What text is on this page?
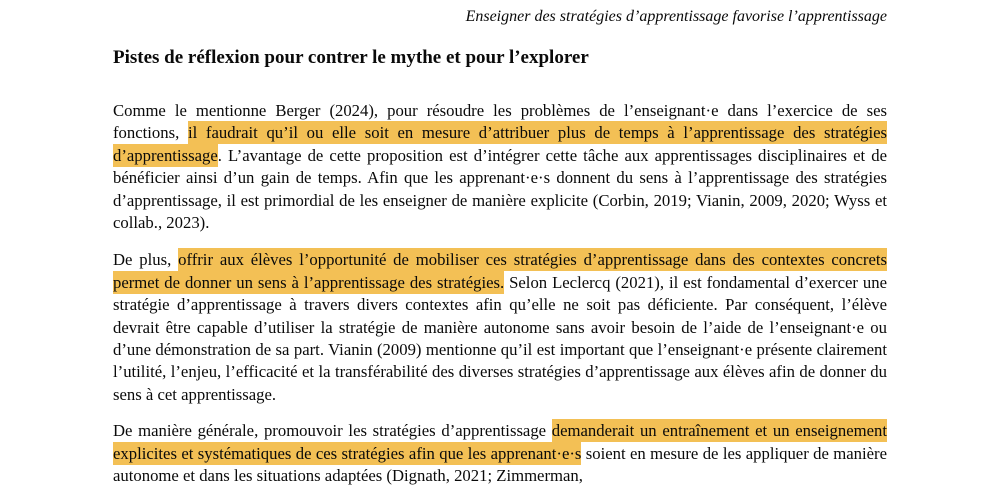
Enseigner des stratégies d’apprentissage favorise l’apprentissage
Pistes de réflexion pour contrer le mythe et pour l’explorer

Comme le mentionne Berger (2024), pour résoudre les problèmes de l’enseignant·e dans l’exercice de ses fonctions, il faudrait qu’il ou elle soit en mesure d’attribuer plus de temps à l’apprentissage des stratégies d’apprentissage. L’avantage de cette proposition est d’intégrer cette tâche aux apprentissages disciplinaires et de bénéficier ainsi d’un gain de temps. Afin que les apprenant·e·s donnent du sens à l’apprentissage des stratégies d’apprentissage, il est primordial de les enseigner de manière explicite (Corbin, 2019; Vianin, 2009, 2020; Wyss et collab., 2023).

De plus, offrir aux élèves l’opportunité de mobiliser ces stratégies d’apprentissage dans des contextes concrets permet de donner un sens à l’apprentissage des stratégies. Selon Leclercq (2021), il est fondamental d’exercer une stratégie d’apprentissage à travers divers contextes afin qu’elle ne soit pas déficiente. Par conséquent, l’élève devrait être capable d’utiliser la stratégie de manière autonome sans avoir besoin de l’aide de l’enseignant·e ou d’une démonstration de sa part. Vianin (2009) mentionne qu’il est important que l’enseignant·e présente clairement l’utilité, l’enjeu, l’efficacité et la transférabilité des diverses stratégies d’apprentissage aux élèves afin de donner du sens à cet apprentissage.

De manière générale, promouvoir les stratégies d’apprentissage demanderait un entraînement et un enseignement explicites et systématiques de ces stratégies afin que les apprenant·e·s soient en mesure de les appliquer de manière autonome et dans les situations adaptées (Dignath, 2021; Zimmerman,
